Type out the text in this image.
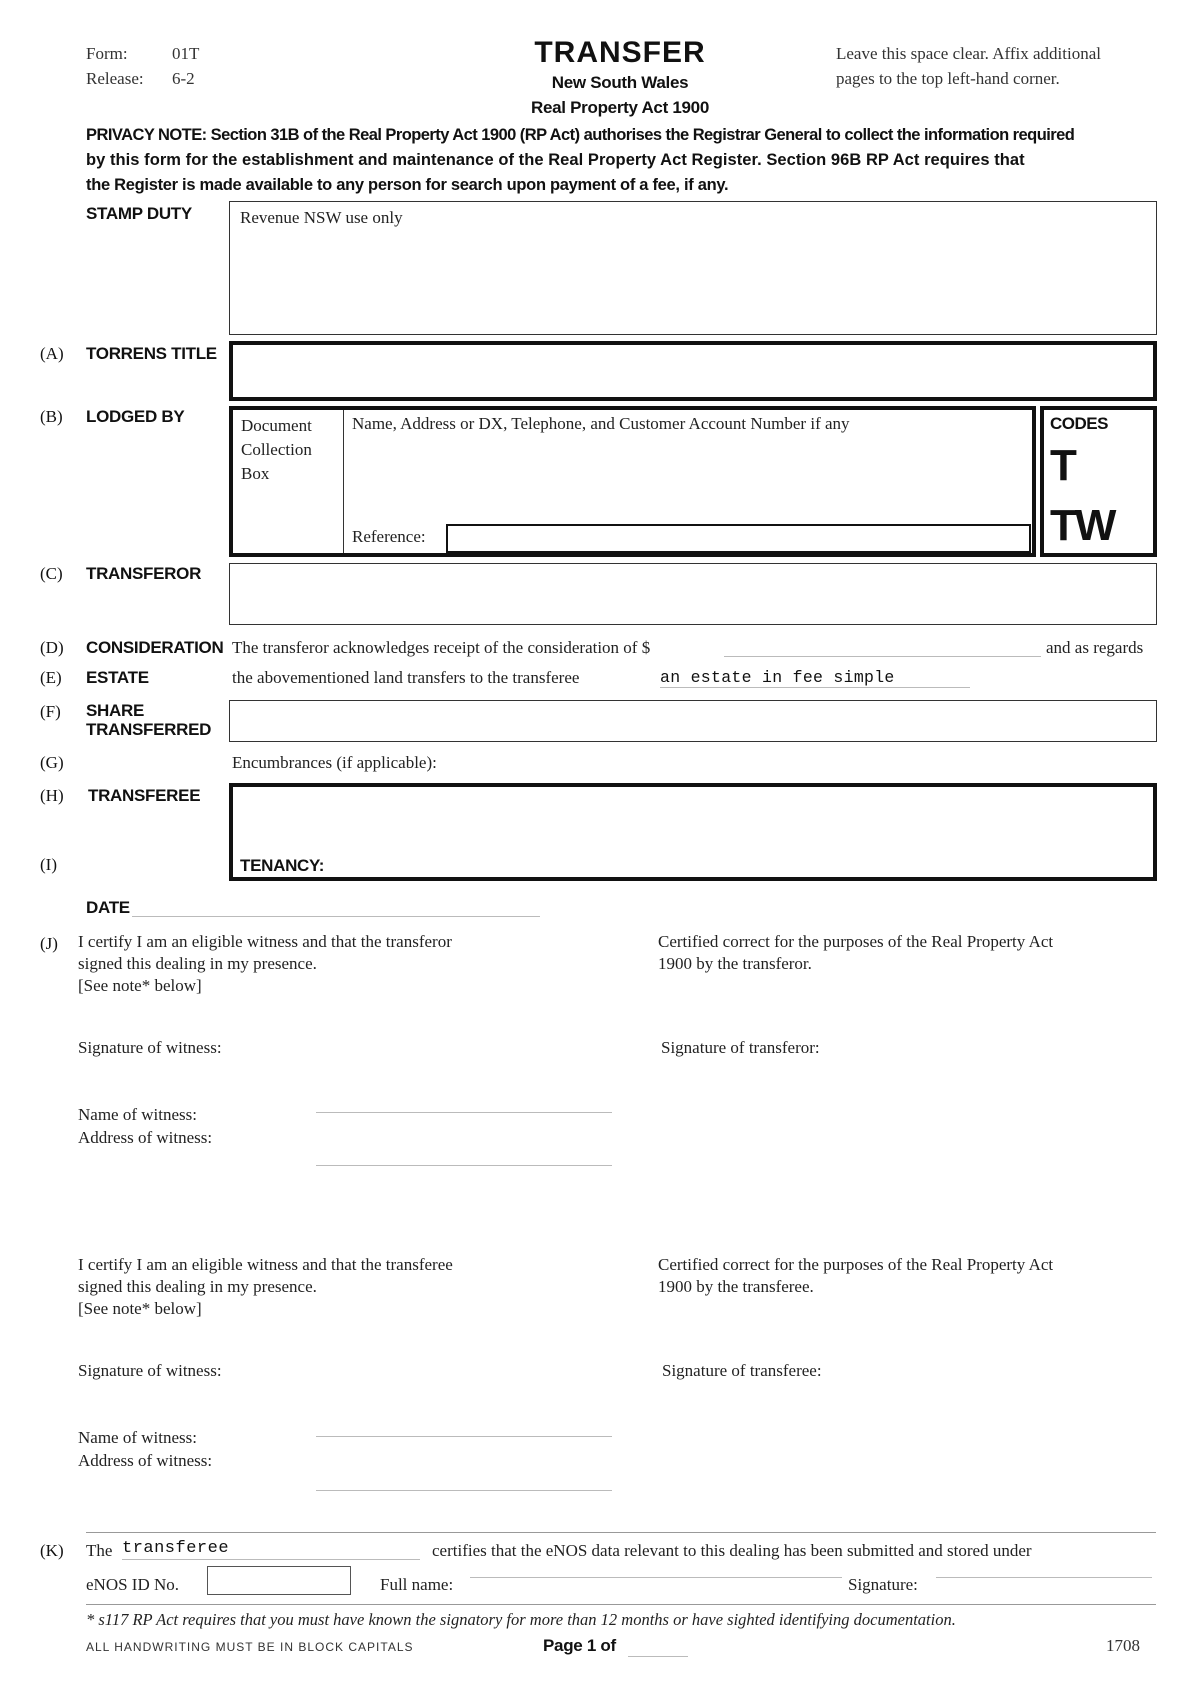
Form:	01T
Release: 6-2
TRANSFER
New South Wales
Real Property Act 1900
Leave this space clear. Affix additional
pages to the top left-hand corner.
PRIVACY NOTE: Section 31B of the Real Property Act 1900 (RP Act) authorises the Registrar General to collect the information required
by this form for the establishment and maintenance of the Real Property Act Register. Section 96B RP Act requires that
the Register is made available to any person for search upon payment of a fee, if any.
STAMP DUTY	Revenue NSW use only
(A) TORRENS TITLE
(B) LODGED BY	Document
Collection
Box
Name, Address or DX, Telephone, and Customer Account Number if any
Reference:
CODES
T
TW
(C) TRANSFEROR
(D) CONSIDERATION The transferor acknowledges receipt of the consideration of $	and as regards
(E) ESTATE	the abovementioned land transfers to the transferee	an estate in fee simple
(F) SHARE
TRANSFERRED
(G)	Encumbrances (if applicable):
(H) TRANSFEREE
(I)	TENANCY:
DATE
(J) I certify I am an eligible witness and that the transferor
signed this dealing in my presence.
[See note* below]
Certified correct for the purposes of the Real Property Act
1900 by the transferor.
Signature of witness:	Signature of transferor:
Name of witness:
Address of witness:
I certify I am an eligible witness and that the transferee
signed this dealing in my presence.
[See note* below]
Certified correct for the purposes of the Real Property Act
1900 by the transferee.
Signature of witness:	Signature of transferee:
Name of witness:
Address of witness:
(K) The transferee	certifies that the eNOS data relevant to this dealing has been submitted and stored under
eNOS ID No.	Full name:	Signature:
* s117 RP Act requires that you must have known the signatory for more than 12 months or have sighted identifying documentation.
ALL HANDWRITING MUST BE IN BLOCK CAPITALS	Page 1 of	1708
